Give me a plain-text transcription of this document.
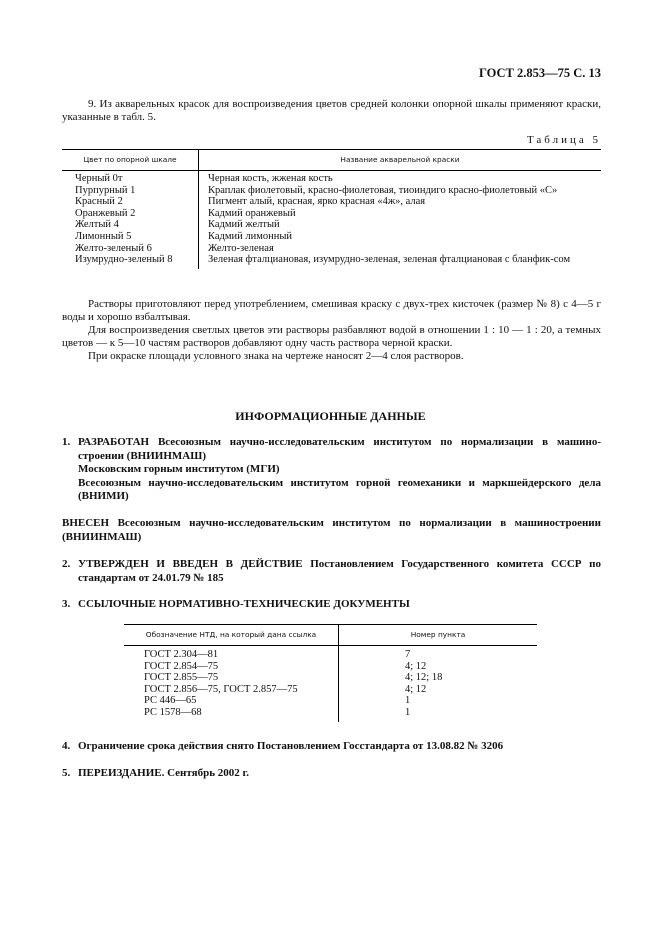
ГОСТ 2.853—75 С. 13

9. Из акварельных красок для воспроизведения цветов средней колонки опорной шкалы применяют краски, указанные в табл. 5.

Таблица 5
Цвет по опорной шкале	Название акварельной краски
Черный 0т	Черная кость, жженая кость
Пурпурный 1	Краплак фиолетовый, красно-фиолетовая, тиоиндиго красно-фиолетовый «С»
Красный 2	Пигмент алый, красная, ярко красная «4ж», алая
Оранжевый 2	Кадмий оранжевый
Желтый 4	Кадмий желтый
Лимонный 5	Кадмий лимонный
Желто-зеленый 6	Желто-зеленая
Изумрудно-зеленый 8	Зеленая фталциановая, изумрудно-зеленая, зеленая фталциановая с бланфик-сом

Растворы приготовляют перед употреблением, смешивая краску с двух-трех кисточек (размер № 8) с 4—5 г воды и хорошо взбалтывая.

Для воспроизведения светлых цветов эти растворы разбавляют водой в отношении 1 : 10 — 1 : 20, а темных цветов — к 5—10 частям растворов добавляют одну часть раствора черной краски.

При окраске площади условного знака на чертеже наносят 2—4 слоя растворов.

ИНФОРМАЦИОННЫЕ ДАННЫЕ
1. РАЗРАБОТАН Всесоюзным научно-исследовательским институтом по нормализации в машино-строении (ВНИИНМАШ)
Московским горным институтом (МГИ)
Всесоюзным научно-исследовательским институтом горной геомеханики и маркшейдерского дела (ВНИМИ)
ВНЕСЕН Всесоюзным научно-исследовательским институтом по нормализации в машиностроении (ВНИИНМАШ)
2. УТВЕРЖДЕН И ВВЕДЕН В ДЕЙСТВИЕ Постановлением Государственного комитета СССР по стандартам от 24.01.79 № 185
3. ССЫЛОЧНЫЕ НОРМАТИВНО-ТЕХНИЧЕСКИЕ ДОКУМЕНТЫ
Обозначение НТД, на который дана ссылка	Номер пункта
ГОСТ 2.304—81	7
ГОСТ 2.854—75	4; 12
ГОСТ 2.855—75	4; 12; 18
ГОСТ 2.856—75, ГОСТ 2.857—75	4; 12
РС 446—65	1
РС 1578—68	1
4. Ограничение срока действия снято Постановлением Госстандарта от 13.08.82 № 3206
5. ПЕРЕИЗДАНИЕ. Сентябрь 2002 г.
